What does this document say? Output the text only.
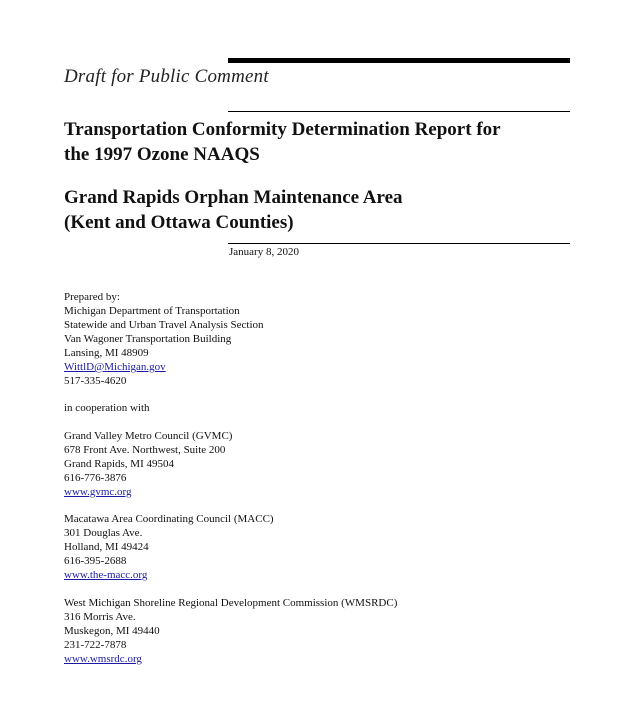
Draft for Public Comment
Transportation Conformity Determination Report for
the 1997 Ozone NAAQS
Grand Rapids Orphan Maintenance Area
(Kent and Ottawa Counties)
January 8, 2020
Prepared by:
Michigan Department of Transportation
Statewide and Urban Travel Analysis Section
Van Wagoner Transportation Building
Lansing, MI 48909
WittlD@Michigan.gov
517-335-4620
in cooperation with
Grand Valley Metro Council (GVMC)
678 Front Ave. Northwest, Suite 200
Grand Rapids, MI 49504
616-776-3876
www.gvmc.org
Macatawa Area Coordinating Council (MACC)
301 Douglas Ave.
Holland, MI 49424
616-395-2688
www.the-macc.org
West Michigan Shoreline Regional Development Commission (WMSRDC)
316 Morris Ave.
Muskegon, MI 49440
231-722-7878
www.wmsrdc.org
